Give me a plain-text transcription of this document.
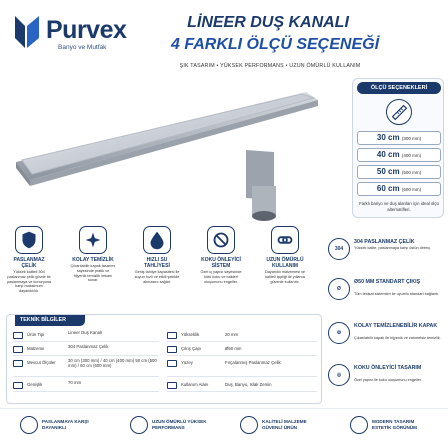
Purvex
Banyo ve Mutfak
LİNEER DUŞ KANALI
4 FARKLI ÖLÇÜ SEÇENEĞİ
ŞIK TASARIM • YÜKSEK PERFORMANS • UZUN ÖMÜRLÜ KULLANIM
ÖLÇÜ SEÇENEKLERİ
30 cm (300 mm)
40 cm (400 mm)
50 cm (500 mm)
60 cm (600 mm)
Farklı banyo ve duş alanları için ideal ölçü alternatifleri.
PASLANMAZ ÇELİK
Yüksek kaliteli 304 paslanmaz çelik gövde ile paslanmaya ve korozyona karşı maksimum dayanıklılık.
KOLAY TEMİZLİK
Çıkarılabilir kapak tasarımı sayesinde pratik ve hijyenik temizlik imkanı sunar.
HIZLI SU TAHLİYESİ
Geniş tahliye kapasitesi ile suyun hızlı ve etkili şekilde akmasını sağlar.
KOKU ÖNLEYİCİ SİSTEM
Özel iç yapısı sayesinde kötü koku ve bakteri oluşumunu engeller.
UZUN ÖMÜRLÜ KULLANIM
Dayanıklı malzemesi ve kaliteli işçiliği ile yıllarca güvenle kullanılır.
304
304 PASLANMAZ ÇELİK
Yüksek kalite, paslanmaya karşı üstün direnç.
Ø
Ø50 MM STANDART ÇIKIŞ
Tüm tesisat sistemleri ile uyumlu standart bağlantı.
⚙
KOLAY TEMİZLENEBİLİR KAPAK
Çıkarılabilir kapak ile hijyenik ve zahmetsiz temizlik.
◎
KOKU ÖNLEYİCİ TASARIM
Özel yapısı ile koku oluşumunu engeller.
TEKNİK BİLGİLER
Ürün Tipi	Lineer Duş Kanalı
Malzeme	304 Paslanmaz Çelik
Mevcut Ölçüler	30 cm (300 mm) / 40 cm (400 mm) 50 cm (500 mm) / 60 cm (600 mm)
Genişlik	70 mm
Yükseklik	20 mm
Çıkış Çapı	Ø50 mm
Yüzey	Fırçalanmış Paslanmaz Çelik
Kullanım Alanı	Duş, Banyo, Islak Zemin
PASLANMAYA KARŞI DAYANIKLI
UZUN ÖMÜRLÜ YÜKSEK PERFORMANS
KALİTELİ MALZEME GÜVENLİ ÜRÜN
MODERN TASARIM ESTETİK GÖRÜNÜM
